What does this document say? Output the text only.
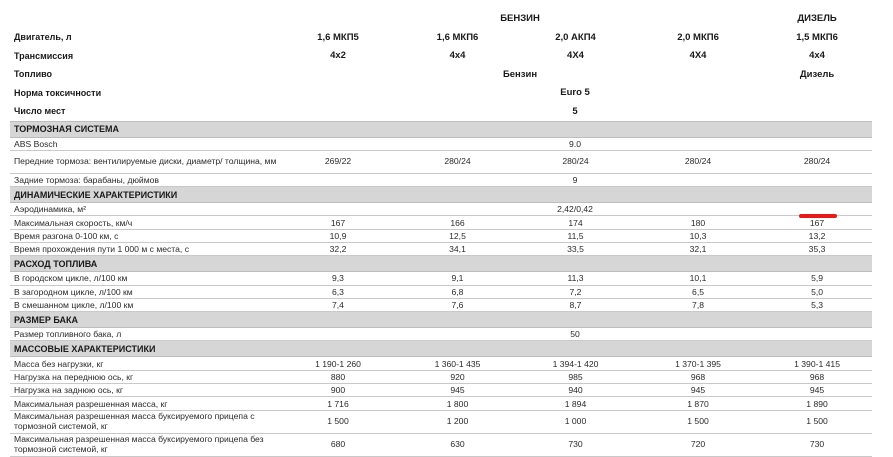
	БЕНЗИН				ДИЗЕЛЬ
Двигатель, л	1,6 МКП5	1,6 МКП6	2,0 АКП4	2,0 МКП6	1,5 МКП6
Трансмиссия	4x2	4x4	4X4	4X4	4x4
Топливо	Бензин				Дизель
Норма токсичности	Euro 5				
Число мест	5				
ТОРМОЗНАЯ СИСТЕМА					
ABS Bosch	9.0				
Передние тормоза: вентилируемые диски, диаметр/ толщина, мм	269/22	280/24	280/24	280/24	280/24
Задние тормоза: барабаны, дюймов	9				
ДИНАМИЧЕСКИЕ ХАРАКТЕРИСТИКИ					
Аэродинамика, м²	2,42/0,42				
Максимальная скорость, км/ч	167	166	174	180	167
Время разгона 0-100 км, с	10,9	12,5	11,5	10,3	13,2
Время прохождения пути 1 000 м с места, с	32,2	34,1	33,5	32,1	35,3
РАСХОД ТОПЛИВА					
В городском цикле, л/100 км	9,3	9,1	11,3	10,1	5,9
В загородном цикле, л/100 км	6,3	6,8	7,2	6,5	5,0
В смешанном цикле, л/100 км	7,4	7,6	8,7	7,8	5,3
РАЗМЕР БАКА					
Размер топливного бака, л	50				
МАССОВЫЕ ХАРАКТЕРИСТИКИ					
Масса без нагрузки, кг	1 190-1 260	1 360-1 435	1 394-1 420	1 370-1 395	1 390-1 415
Нагрузка на переднюю ось, кг	880	920	985	968	968
Нагрузка на заднюю ось, кг	900	945	940	945	945
Максимальная разрешенная масса, кг	1 716	1 800	1 894	1 870	1 890
Максимальная разрешенная масса буксируемого прицепа с тормозной системой, кг	1 500	1 200	1 000	1 500	1 500
Максимальная разрешенная масса буксируемого прицепа без тормозной системой, кг	680	630	730	720	730
